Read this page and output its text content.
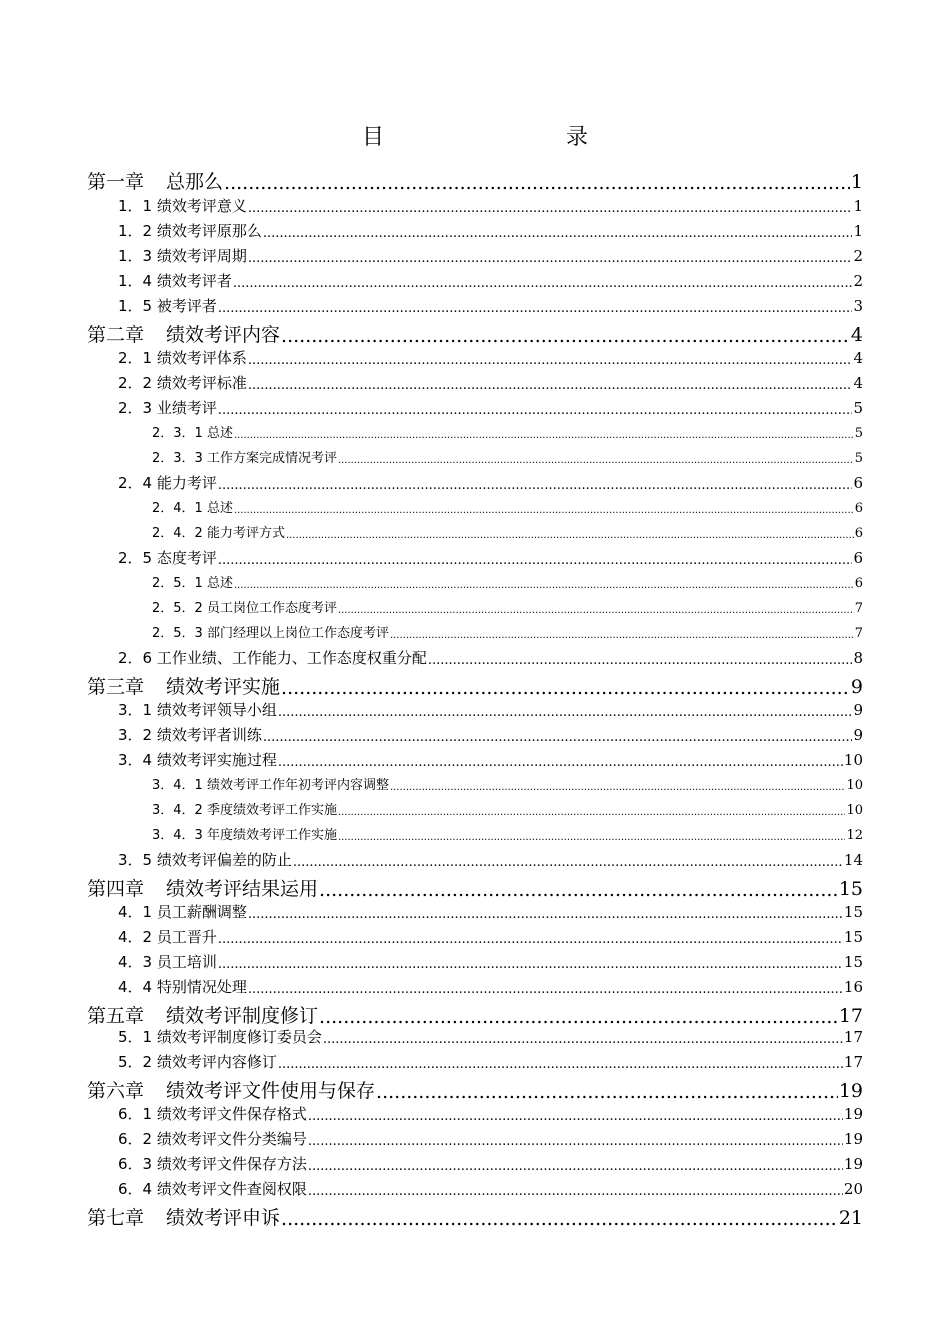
目　　录
第一章 总那么 .....	1
1．1 绩效考评意义 .....	1
1．2 绩效考评原那么 .....	1
1．3 绩效考评周期 .....	2
1．4 绩效考评者 .....	2
1．5 被考评者 .....	3
第二章 绩效考评内容 .....	4
2．1 绩效考评体系 .....	4
2．2 绩效考评标准 .....	4
2．3 业绩考评 .....	5
2．3．1 总述 .....	5
2．3．3 工作方案完成情况考评 .....	5
2．4 能力考评 .....	6
2．4．1 总述 .....	6
2．4．2 能力考评方式 .....	6
2．5 态度考评 .....	6
2．5．1 总述 .....	6
2．5．2 员工岗位工作态度考评 .....	7
2．5．3 部门经理以上岗位工作态度考评 .....	7
2．6 工作业绩、工作能力、工作态度权重分配 .....	8
第三章 绩效考评实施 .....	9
3．1 绩效考评领导小组 .....	9
3．2 绩效考评者训练 .....	9
3．4 绩效考评实施过程 .....	10
3．4．1 绩效考评工作年初考评内容调整 .....	10
3．4．2 季度绩效考评工作实施 .....	10
3．4．3 年度绩效考评工作实施 .....	12
3．5 绩效考评偏差的防止 .....	14
第四章 绩效考评结果运用 .....	15
4．1 员工薪酬调整 .....	15
4．2 员工晋升 .....	15
4．3 员工培训 .....	15
4．4 特别情况处理 .....	16
第五章 绩效考评制度修订 .....	17
5．1 绩效考评制度修订委员会 .....	17
5．2 绩效考评内容修订 .....	17
第六章 绩效考评文件使用与保存 .....	19
6．1 绩效考评文件保存格式 .....	19
6．2 绩效考评文件分类编号 .....	19
6．3 绩效考评文件保存方法 .....	19
6．4 绩效考评文件查阅权限 .....	20
第七章 绩效考评申诉 .....	21
